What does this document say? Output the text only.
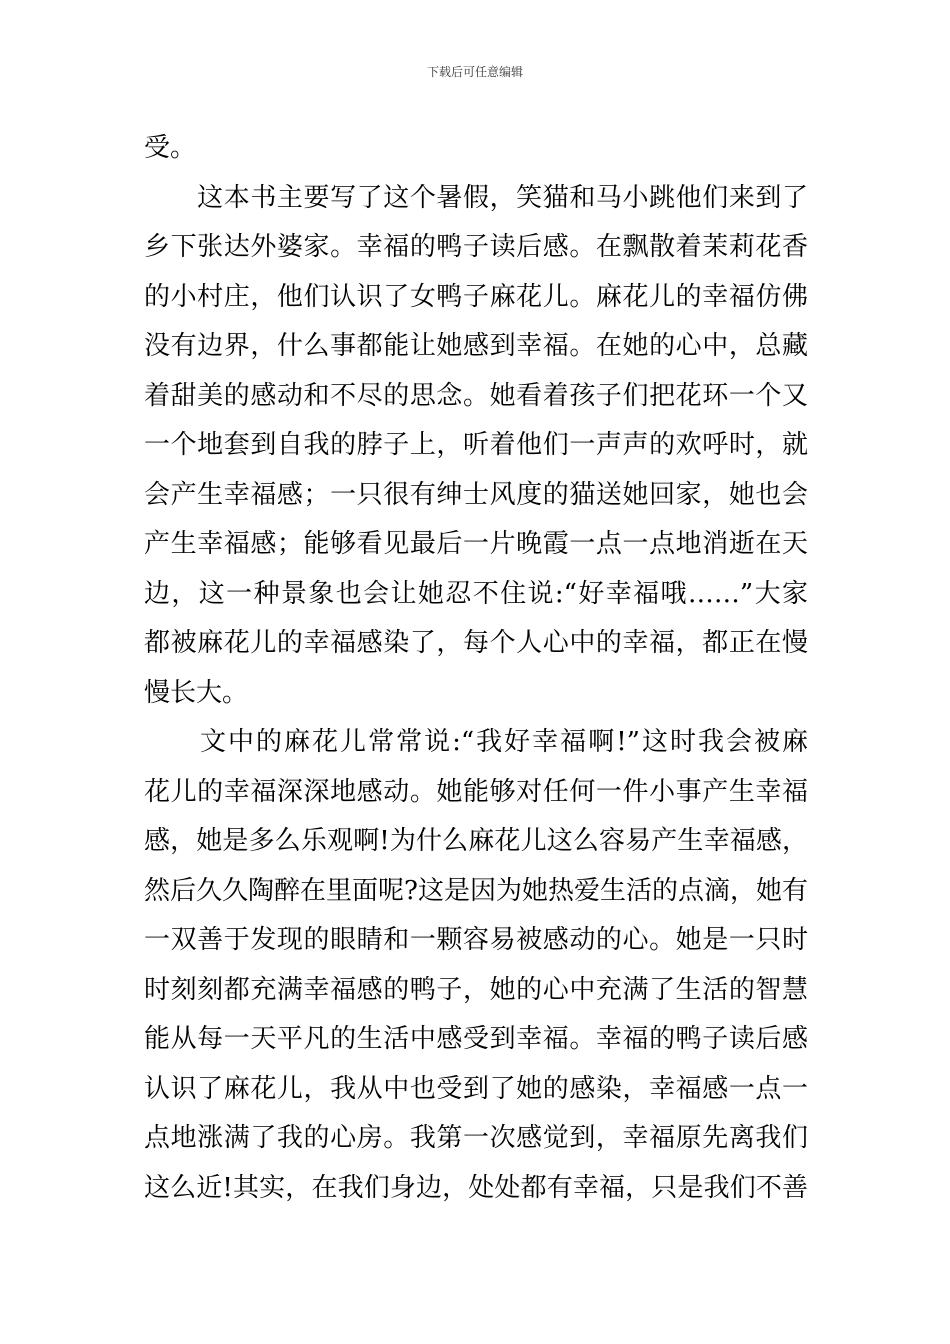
下载后可任意编辑
受。
　　这本书主要写了这个暑假，笑猫和马小跳他们来到了
乡下张达外婆家。幸福的鸭子读后感。在飘散着茉莉花香
的小村庄，他们认识了女鸭子麻花儿。麻花儿的幸福仿佛
没有边界，什么事都能让她感到幸福。在她的心中，总藏
着甜美的感动和不尽的思念。她看着孩子们把花环一个又
一个地套到自我的脖子上，听着他们一声声的欢呼时，就
会产生幸福感；一只很有绅士风度的猫送她回家，她也会
产生幸福感；能够看见最后一片晚霞一点一点地消逝在天
边，这一种景象也会让她忍不住说:“好幸福哦……”大家
都被麻花儿的幸福感染了，每个人心中的幸福，都正在慢
慢长大。
　　文中的麻花儿常常说:“我好幸福啊!”这时我会被麻
花儿的幸福深深地感动。她能够对任何一件小事产生幸福
感，她是多么乐观啊!为什么麻花儿这么容易产生幸福感，
然后久久陶醉在里面呢?这是因为她热爱生活的点滴，她有
一双善于发现的眼睛和一颗容易被感动的心。她是一只时
时刻刻都充满幸福感的鸭子，她的心中充满了生活的智慧
能从每一天平凡的生活中感受到幸福。幸福的鸭子读后感
认识了麻花儿，我从中也受到了她的感染，幸福感一点一
点地涨满了我的心房。我第一次感觉到，幸福原先离我们
这么近!其实，在我们身边，处处都有幸福，只是我们不善
